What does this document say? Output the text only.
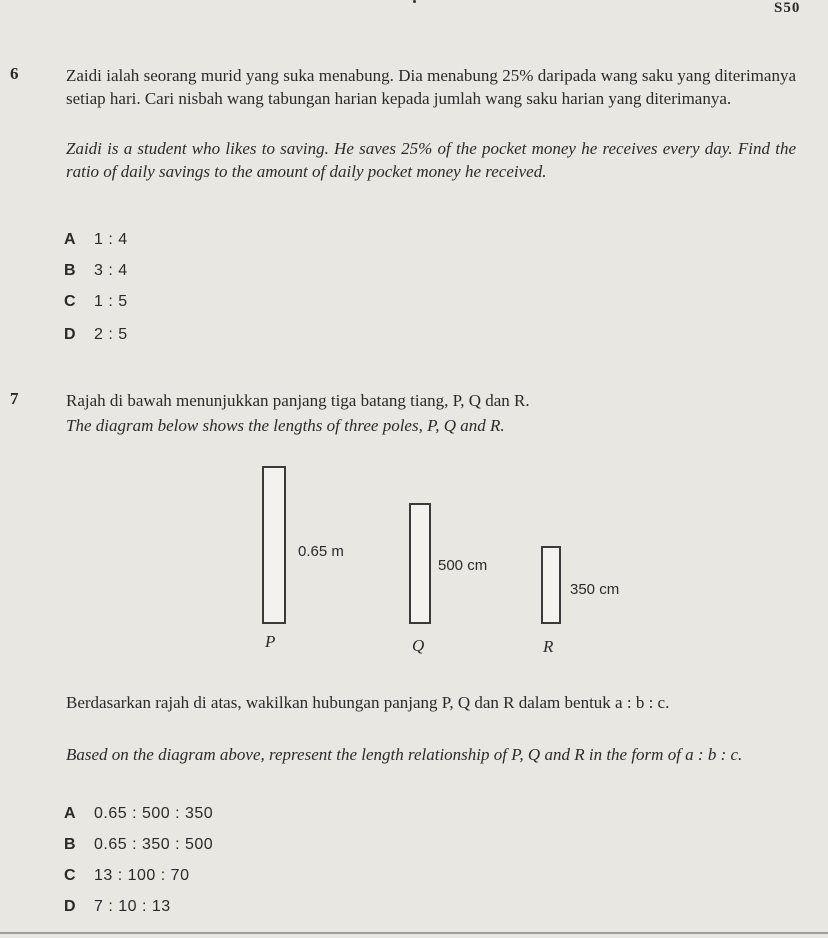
S50
6	Zaidi ialah seorang murid yang suka menabung. Dia menabung 25% daripada wang saku yang diterimanya setiap hari. Cari nisbah wang tabungan harian kepada jumlah wang saku harian yang diterimanya.
Zaidi is a student who likes to saving. He saves 25% of the pocket money he receives every day. Find the ratio of daily savings to the amount of daily pocket money he received.
A	1 : 4
B	3 : 4
C	1 : 5
D	2 : 5
7	Rajah di bawah menunjukkan panjang tiga batang tiang, P, Q dan R.
The diagram below shows the lengths of three poles, P, Q and R.
0.65 m
P
500 cm
Q
350 cm
R
Berdasarkan rajah di atas, wakilkan hubungan panjang P, Q dan R dalam bentuk a : b : c.
Based on the diagram above, represent the length relationship of P, Q and R in the form of a : b : c.
A	0.65 : 500 : 350
B	0.65 : 350 : 500
C	13 : 100 : 70
D	7 : 10 : 13
